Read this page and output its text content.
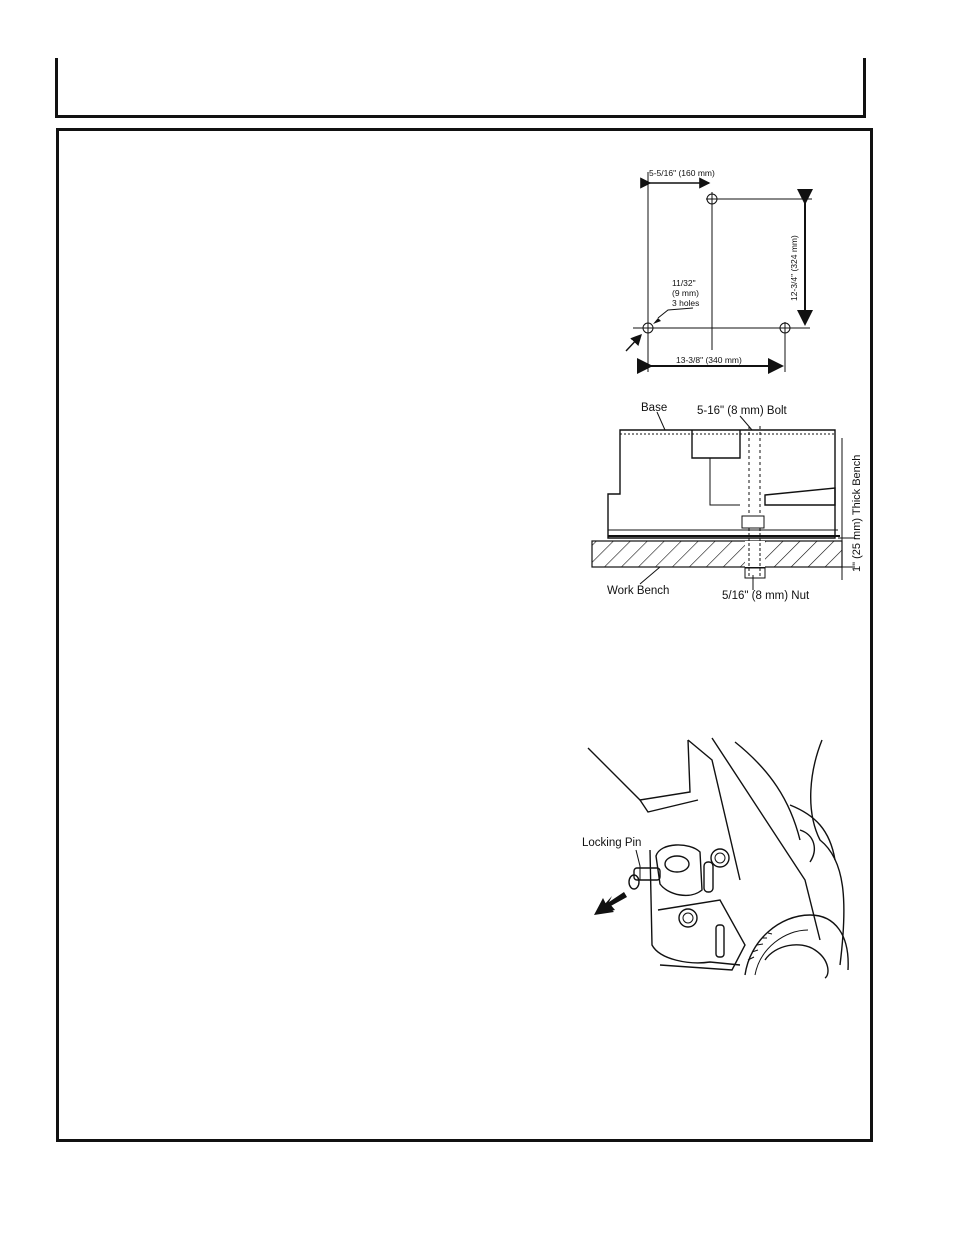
5-5/16" (160 mm)
12-3/4" (324 mm)
13-3/8" (340 mm)
11/32"
(9 mm)
3 holes
Base	5-16" (8 mm) Bolt
Work Bench	5/16" (8 mm) Nut
1" (25 mm) Thick Bench
Locking Pin
